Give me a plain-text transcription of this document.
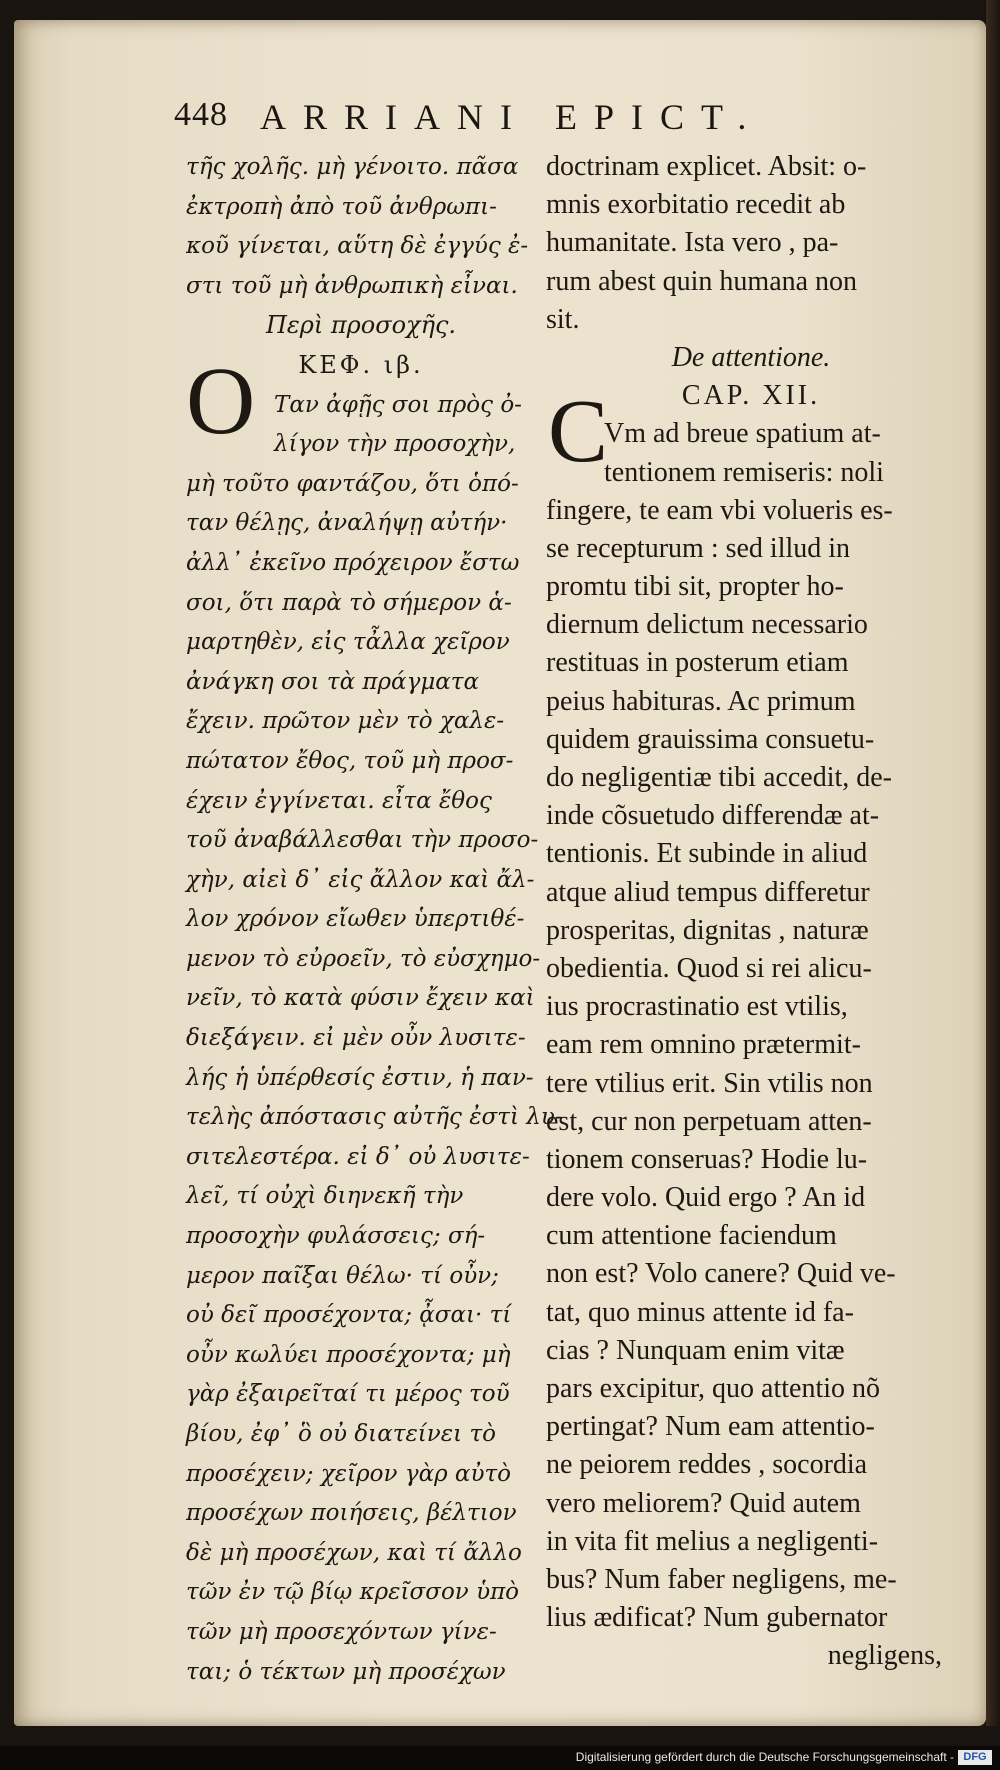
448 ARRIANI EPICT.
τῆς χολῆς. μὴ γένοιτο. πᾶσα
ἐκτροπὴ ἀπὸ τοῦ ἀνθρωπι-
κοῦ γίνεται, αὕτη δὲ ἐγγύς ἐ-
στι τοῦ μὴ ἀνθρωπικὴ εἶναι.
Περὶ προσοχῆς.
ΚΕΦ. ιβ.
Ταν ἀφῇς σοι πρὸς ὀ-
λίγον τὴν προσοχὴν,
μὴ τοῦτο φαντάζου, ὅτι ὁπό-
ταν θέλῃς, ἀναλήψῃ αὐτήν·
ἀλλ᾽ ἐκεῖνο πρόχειρον ἔστω
σοι, ὅτι παρὰ τὸ σήμερον ἁ-
μαρτηθὲν, εἰς τἆλλα χεῖρον
ἀνάγκη σοι τὰ πράγματα
ἔχειν. πρῶτον μὲν τὸ χαλε-
πώτατον ἔθος, τοῦ μὴ προσ-
έχειν ἐγγίνεται. εἶτα ἔθος
τοῦ ἀναβάλλεσθαι τὴν προσο-
χὴν, αἰεὶ δ᾽ εἰς ἄλλον καὶ ἄλ-
λον χρόνον εἴωθεν ὑπερτιθέ-
μενον τὸ εὐροεῖν, τὸ εὐσχημο-
νεῖν, τὸ κατὰ φύσιν ἔχειν καὶ
διεξάγειν. εἰ μὲν οὖν λυσιτε-
λής ἡ ὑπέρθεσίς ἐστιν, ἡ παν-
τελὴς ἀπόστασις αὐτῆς ἐστὶ λυ-
σιτελεστέρα. εἰ δ᾽ οὐ λυσιτε-
λεῖ, τί οὐχὶ διηνεκῆ τὴν
προσοχὴν φυλάσσεις; σή-
μερον παῖξαι θέλω· τί οὖν;
οὐ δεῖ προσέχοντα; ᾆσαι· τί
οὖν κωλύει προσέχοντα; μὴ
γὰρ ἐξαιρεῖταί τι μέρος τοῦ
βίου, ἐφ᾽ ὃ οὐ διατείνει τὸ
προσέχειν; χεῖρον γὰρ αὐτὸ
προσέχων ποιήσεις, βέλτιον
δὲ μὴ προσέχων, καὶ τί ἄλλο
τῶν ἐν τῷ βίῳ κρεῖσσον ὑπὸ
τῶν μὴ προσεχόντων γίνε-
ται; ὁ τέκτων μὴ προσέχων
Ο
doctrinam explicet. Absit: o-
mnis exorbitatio recedit ab
humanitate. Ista vero , pa-
rum abest quin humana non
sit.
De attentione.
CAP. XII.
Vm ad breue spatium at-
tentionem remiseris: noli
fingere, te eam vbi volueris es-
se recepturum : sed illud in
promtu tibi sit, propter ho-
diernum delictum necessario
restituas in posterum etiam
peius habituras. Ac primum
quidem grauissima consuetu-
do negligentiæ tibi accedit, de-
inde cõsuetudo differendæ at-
tentionis. Et subinde in aliud
atque aliud tempus differetur
prosperitas, dignitas , naturæ
obedientia. Quod si rei alicu-
ius procrastinatio est vtilis,
eam rem omnino prætermit-
tere vtilius erit. Sin vtilis non
est, cur non perpetuam atten-
tionem conseruas? Hodie lu-
dere volo. Quid ergo ? An id
cum attentione faciendum
non est? Volo canere? Quid ve-
tat, quo minus attente id fa-
cias ? Nunquam enim vitæ
pars excipitur, quo attentio nõ
pertingat? Num eam attentio-
ne peiorem reddes , socordia
vero meliorem? Quid autem
in vita fit melius a negligenti-
bus? Num faber negligens, me-
lius ædificat? Num gubernator
negligens,
C
Digitalisierung gefördert durch die Deutsche Forschungsgemeinschaft - DFG
